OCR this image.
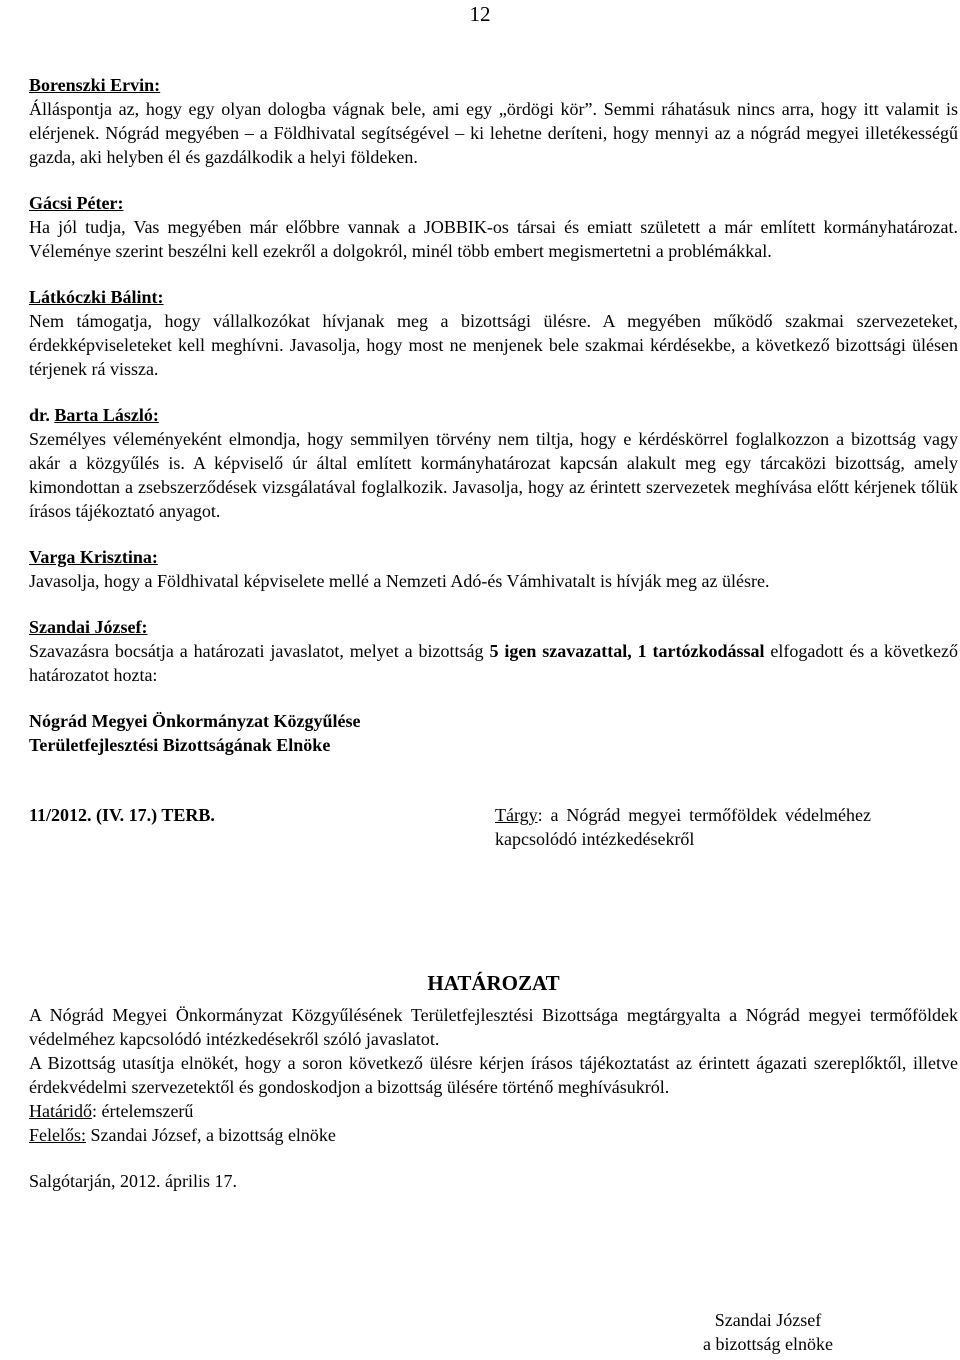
12
Borenszki Ervin:

Álláspontja az, hogy egy olyan dologba vágnak bele, ami egy „ördögi kör”. Semmi ráhatásuk nincs arra, hogy itt valamit is elérjenek. Nógrád megyében – a Földhivatal segítségével – ki lehetne deríteni, hogy mennyi az a nógrád megyei illetékességű gazda, aki helyben él és gazdálkodik a helyi földeken.

Gácsi Péter:

Ha jól tudja, Vas megyében már előbbre vannak a JOBBIK-os társai és emiatt született a már említett kormányhatározat. Véleménye szerint beszélni kell ezekről a dolgokról, minél több embert megismertetni a problémákkal.

Látkóczki Bálint:

Nem támogatja, hogy vállalkozókat hívjanak meg a bizottsági ülésre. A megyében működő szakmai szervezeteket, érdekképviseleteket kell meghívni. Javasolja, hogy most ne menjenek bele szakmai kérdésekbe, a következő bizottsági ülésen térjenek rá vissza.

dr. Barta László:

Személyes véleményeként elmondja, hogy semmilyen törvény nem tiltja, hogy e kérdéskörrel foglalkozzon a bizottság vagy akár a közgyűlés is. A képviselő úr által említett kormányhatározat kapcsán alakult meg egy tárcaközi bizottság, amely kimondottan a zsebszerződések vizsgálatával foglalkozik. Javasolja, hogy az érintett szervezetek meghívása előtt kérjenek tőlük írásos tájékoztató anyagot.

Varga Krisztina:

Javasolja, hogy a Földhivatal képviselete mellé a Nemzeti Adó-és Vámhivatalt is hívják meg az ülésre.

Szandai József:

Szavazásra bocsátja a határozati javaslatot, melyet a bizottság 5 igen szavazattal, 1 tartózkodással elfogadott és a következő határozatot hozta:

Nógrád Megyei Önkormányzat Közgyűlése
Területfejlesztési Bizottságának Elnöke
11/2012. (IV. 17.) TERB.	Tárgy: a Nógrád megyei termőföldek védelméhez kapcsolódó intézkedésekről
HATÁROZAT

A Nógrád Megyei Önkormányzat Közgyűlésének Területfejlesztési Bizottsága megtárgyalta a Nógrád megyei termőföldek védelméhez kapcsolódó intézkedésekről szóló javaslatot.

A Bizottság utasítja elnökét, hogy a soron következő ülésre kérjen írásos tájékoztatást az érintett ágazati szereplőktől, illetve érdekvédelmi szervezetektől és gondoskodjon a bizottság ülésére történő meghívásukról.

Határidő: értelemszerű
Felelős: Szandai József, a bizottság elnöke
Salgótarján, 2012. április 17.
Szandai József
a bizottság elnöke
